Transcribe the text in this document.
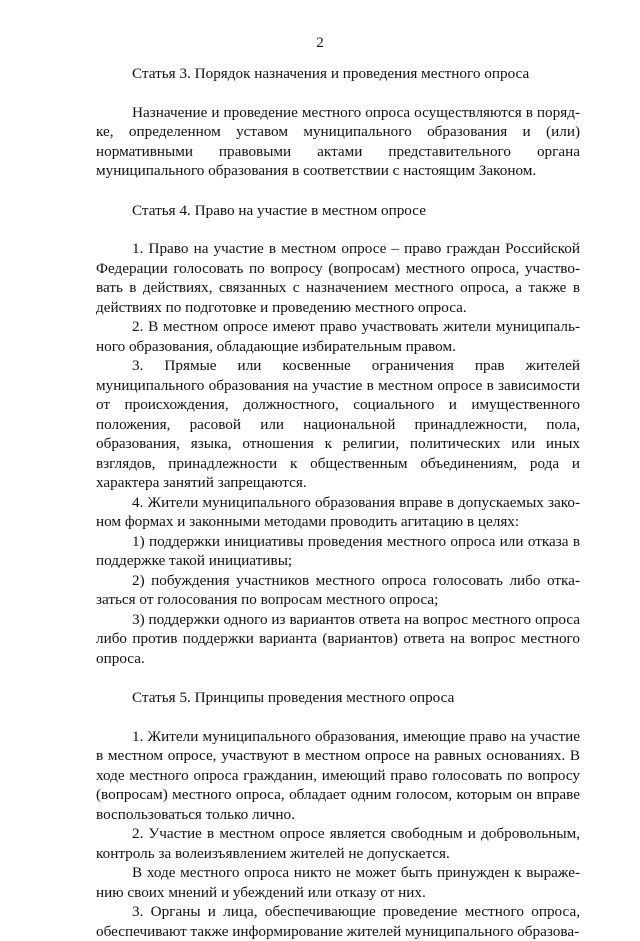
2

Статья 3. Порядок назначения и проведения местного опроса

Назначение и проведение местного опроса осуществляются в порядке, определенном уставом муниципального образования и (или) нормативными правовыми актами представительного органа муниципального образования в соответствии с настоящим Законом.

Статья 4. Право на участие в местном опросе

1. Право на участие в местном опросе – право граждан Российской Федерации голосовать по вопросу (вопросам) местного опроса, участвовать в действиях, связанных с назначением местного опроса, а также в действиях по подготовке и проведению местного опроса.

2. В местном опросе имеют право участвовать жители муниципального образования, обладающие избирательным правом.

3. Прямые или косвенные ограничения прав жителей муниципального образования на участие в местном опросе в зависимости от происхождения, должностного, социального и имущественного положения, расовой или национальной принадлежности, пола, образования, языка, отношения к религии, политических или иных взглядов, принадлежности к общественным объединениям, рода и характера занятий запрещаются.

4. Жители муниципального образования вправе в допускаемых законом формах и законными методами проводить агитацию в целях:

1) поддержки инициативы проведения местного опроса или отказа в поддержке такой инициативы;

2) побуждения участников местного опроса голосовать либо отказаться от голосования по вопросам местного опроса;

3) поддержки одного из вариантов ответа на вопрос местного опроса либо против поддержки варианта (вариантов) ответа на вопрос местного опроса.

Статья 5. Принципы проведения местного опроса

1. Жители муниципального образования, имеющие право на участие в местном опросе, участвуют в местном опросе на равных основаниях. В ходе местного опроса гражданин, имеющий право голосовать по вопросу (вопросам) местного опроса, обладает одним голосом, которым он вправе воспользоваться только лично.

2. Участие в местном опросе является свободным и добровольным, контроль за волеизъявлением жителей не допускается.

В ходе местного опроса никто не может быть принужден к выражению своих мнений и убеждений или отказу от них.

3. Органы и лица, обеспечивающие проведение местного опроса, обеспечивают также информирование жителей муниципального образова-
